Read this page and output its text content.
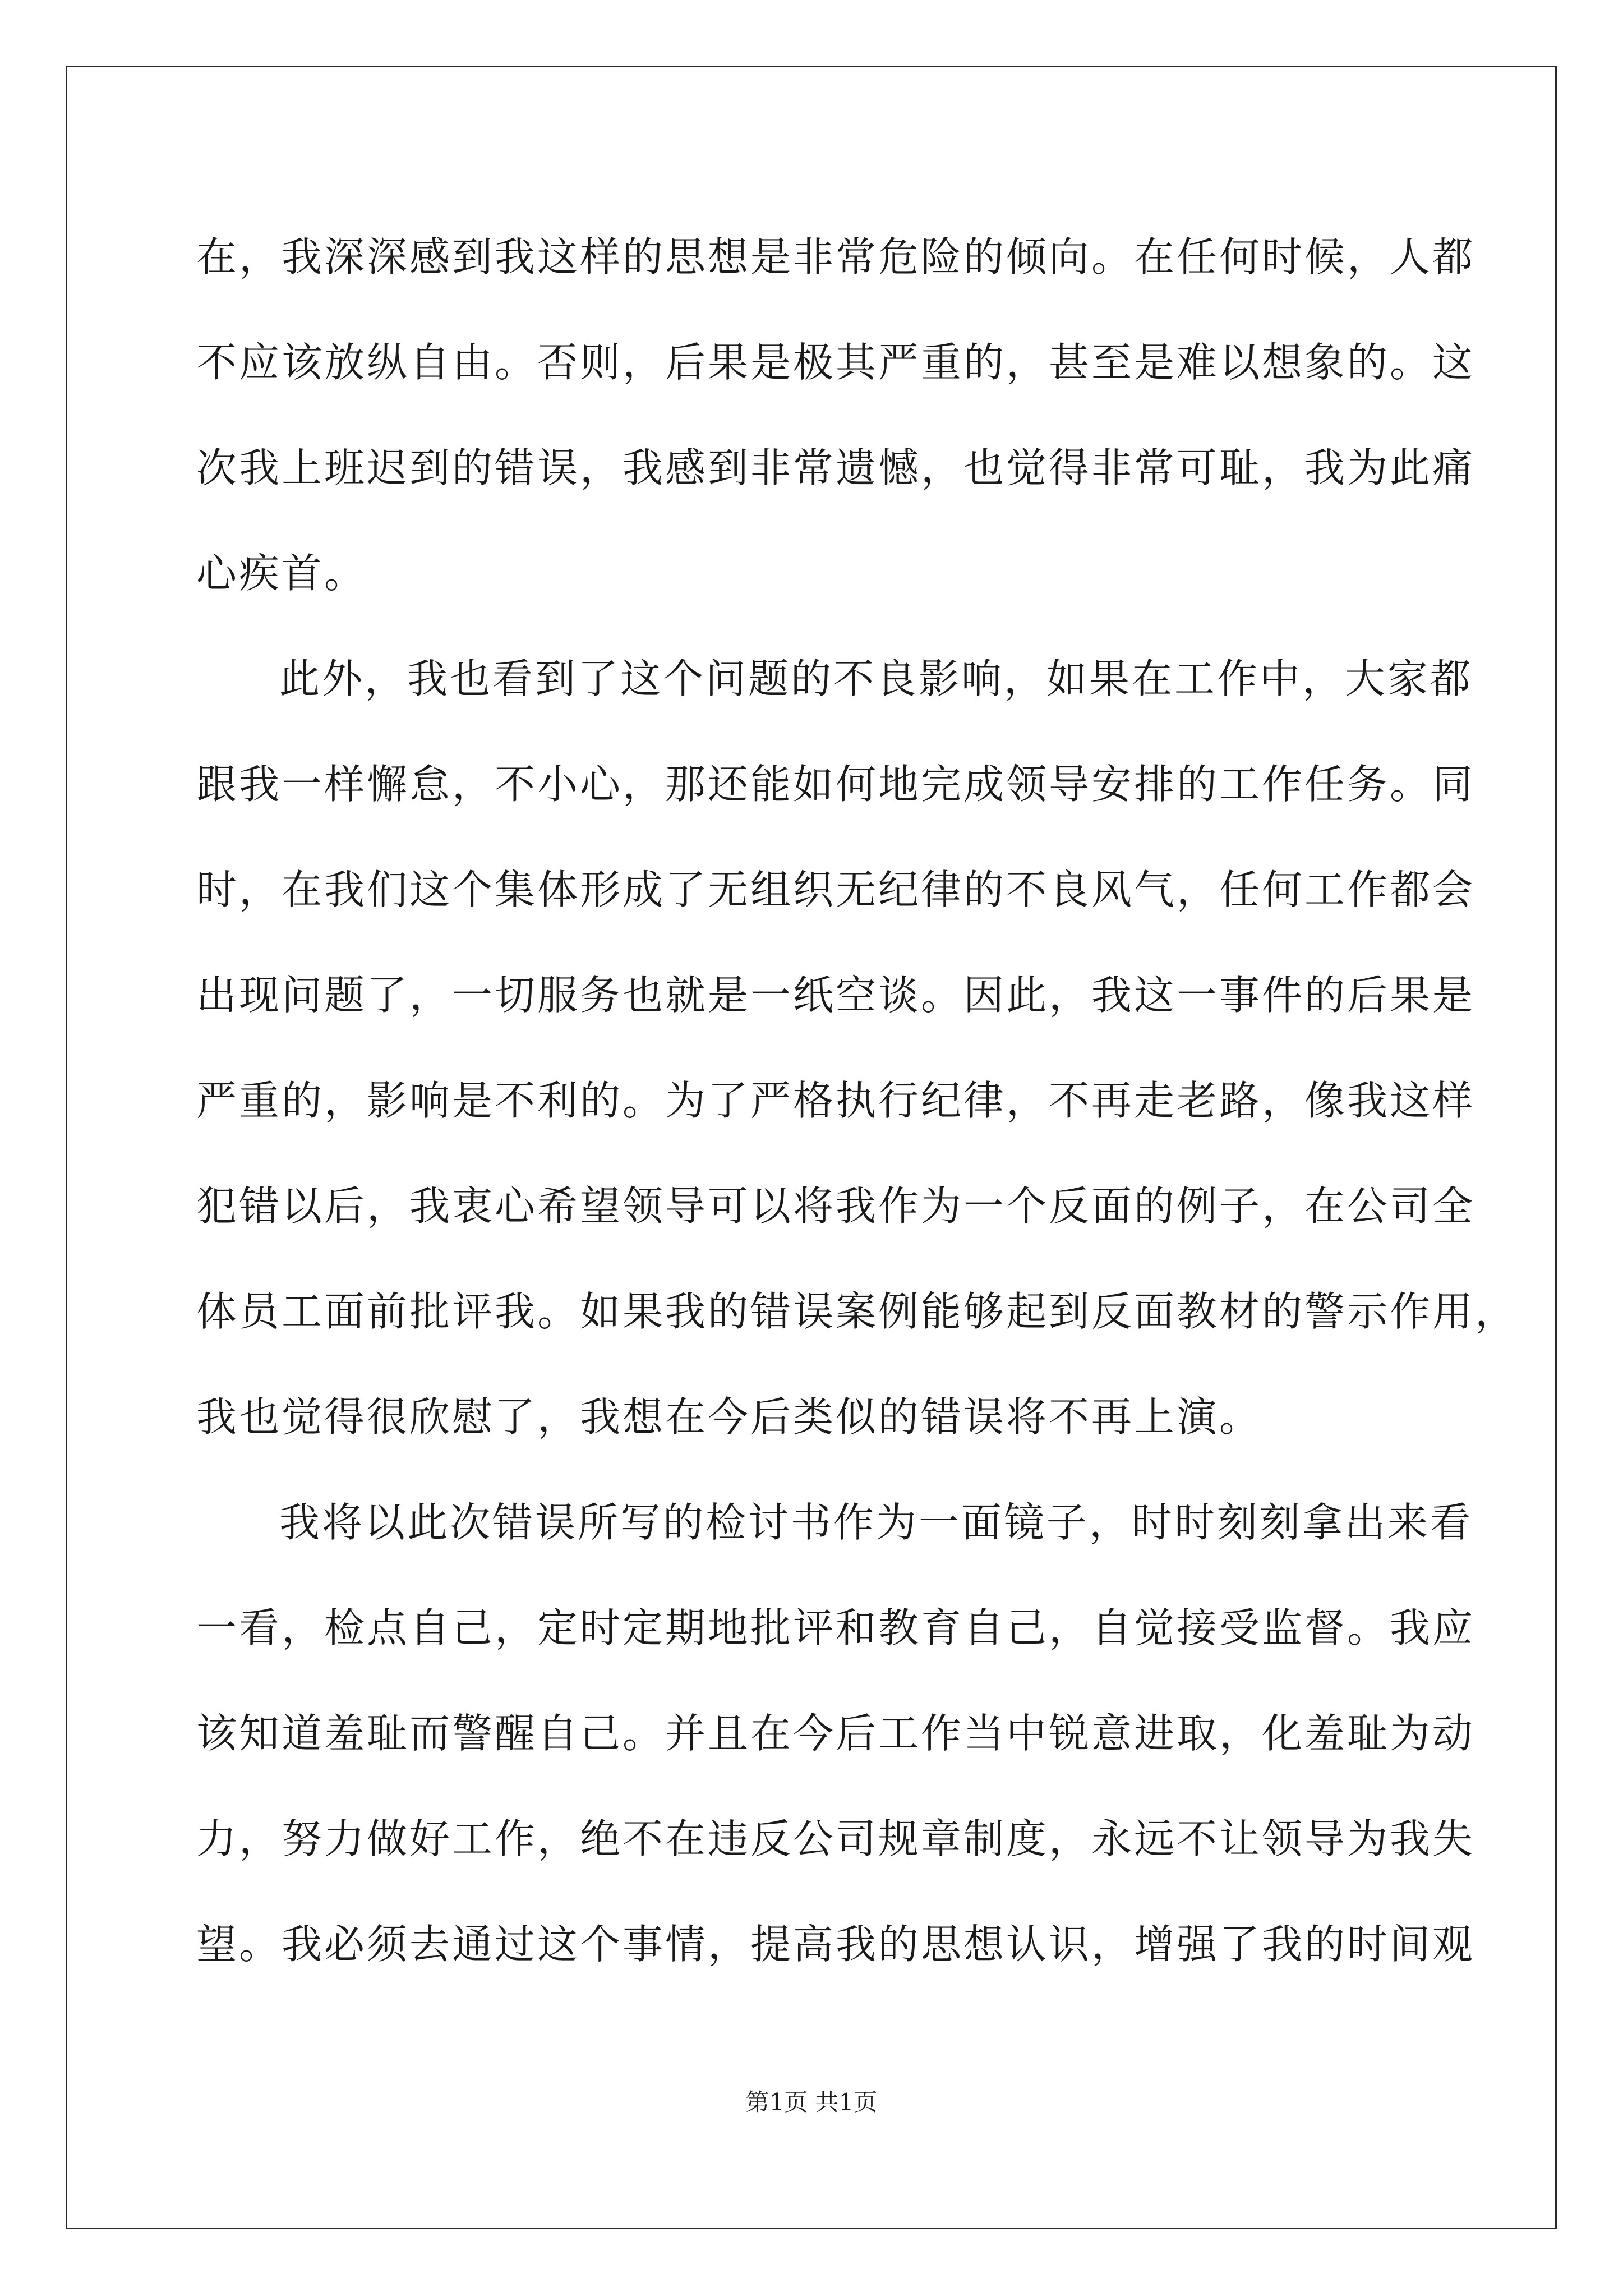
在，我深深感到我这样的思想是非常危险的倾向。在任何时候，人都
不应该放纵自由。否则，后果是极其严重的，甚至是难以想象的。这
次我上班迟到的错误，我感到非常遗憾，也觉得非常可耻，我为此痛
心疾首。
此外，我也看到了这个问题的不良影响，如果在工作中，大家都
跟我一样懈怠，不小心，那还能如何地完成领导安排的工作任务。同
时，在我们这个集体形成了无组织无纪律的不良风气，任何工作都会
出现问题了，一切服务也就是一纸空谈。因此，我这一事件的后果是
严重的，影响是不利的。为了严格执行纪律，不再走老路，像我这样
犯错以后，我衷心希望领导可以将我作为一个反面的例子，在公司全
体员工面前批评我。如果我的错误案例能够起到反面教材的警示作用，
我也觉得很欣慰了，我想在今后类似的错误将不再上演。
我将以此次错误所写的检讨书作为一面镜子，时时刻刻拿出来看
一看，检点自己，定时定期地批评和教育自己，自觉接受监督。我应
该知道羞耻而警醒自己。并且在今后工作当中锐意进取，化羞耻为动
力，努力做好工作，绝不在违反公司规章制度，永远不让领导为我失
望。我必须去通过这个事情，提高我的思想认识，增强了我的时间观
第1页 共1页
